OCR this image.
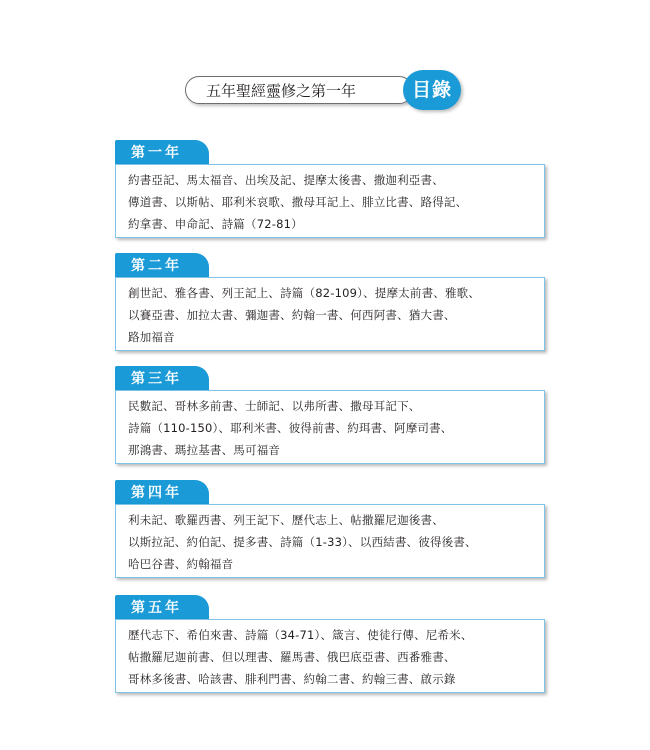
五年聖經靈修之第一年	目錄
第一年
約書亞記、馬太福音、出埃及記、提摩太後書、撒迦利亞書、
傳道書、以斯帖、耶利米哀歌、撒母耳記上、腓立比書、路得記、
約拿書、申命記、詩篇（72-81）
第二年
創世記、雅各書、列王記上、詩篇（82-109）、提摩太前書、雅歌、
以賽亞書、加拉太書、彌迦書、約翰一書、何西阿書、猶大書、
路加福音
第三年
民數記、哥林多前書、士師記、以弗所書、撒母耳記下、
詩篇（110-150）、耶利米書、彼得前書、約珥書、阿摩司書、
那鴻書、瑪拉基書、馬可福音
第四年
利未記、歌羅西書、列王記下、歷代志上、帖撒羅尼迦後書、
以斯拉記、約伯記、提多書、詩篇（1-33）、以西結書、彼得後書、
哈巴谷書、約翰福音
第五年
歷代志下、希伯來書、詩篇（34-71）、箴言、使徒行傳、尼希米、
帖撒羅尼迦前書、但以理書、羅馬書、俄巴底亞書、西番雅書、
哥林多後書、哈該書、腓利門書、約翰二書、約翰三書、啟示錄
